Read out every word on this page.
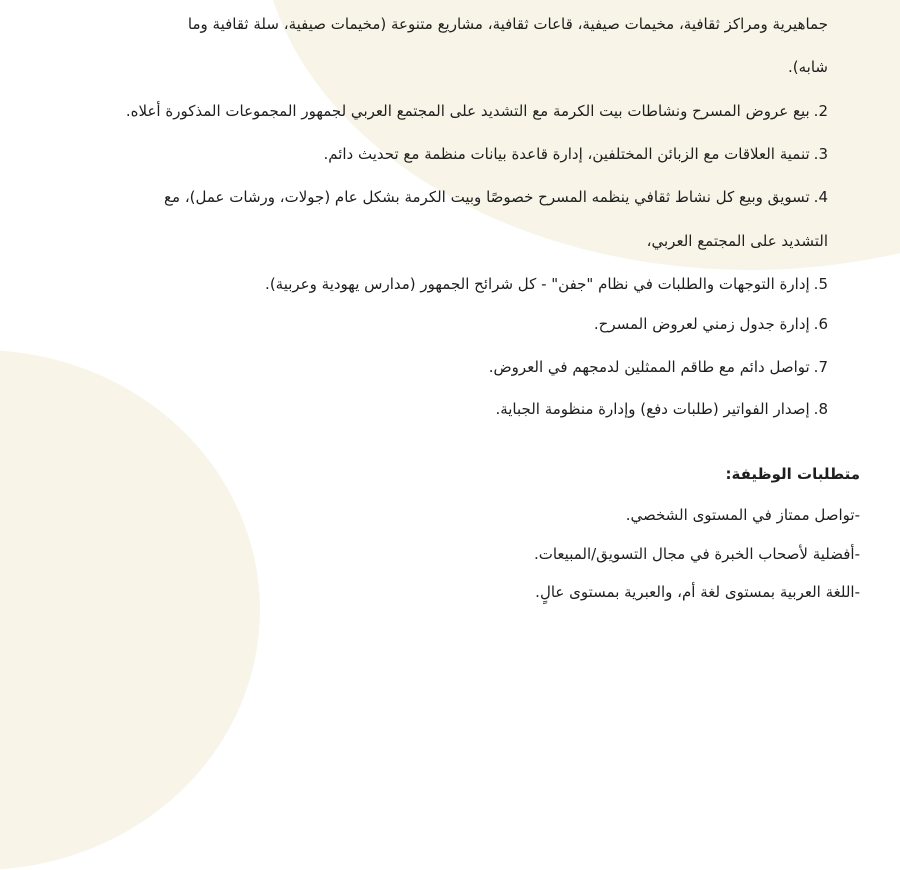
جماهيرية ومراكز ثقافية، مخيمات صيفية، قاعات ثقافية، مشاريع متنوعة (مخيمات صيفية، سلة ثقافية وما
شابه).
2.بيع عروض المسرح ونشاطات بيت الكرمة مع التشديد على المجتمع العربي لجمهور المجموعات المذكورة أعلاه.
3.تنمية العلاقات مع الزبائن المختلفين، إدارة قاعدة بيانات منظمة مع تحديث دائم.
4.تسويق وبيع كل نشاط ثقافي ينظمه المسرح خصوصًا وبيت الكرمة بشكل عام (جولات، ورشات عمل)، مع
التشديد على المجتمع العربي،
5.إدارة التوجهات والطلبات في نظام "جفن" - كل شرائح الجمهور (مدارس يهودية وعربية).
6.إدارة جدول زمني لعروض المسرح.
7.تواصل دائم مع طاقم الممثلين لدمجهم في العروض.
8.إصدار الفواتير (طلبات دفع) وإدارة منظومة الجباية.
متطلبات الوظيفة:
-تواصل ممتاز في المستوى الشخصي.
-أفضلية لأصحاب الخبرة في مجال التسويق/المبيعات.
-اللغة العربية بمستوى لغة أم، والعبرية بمستوى عالٍ.
